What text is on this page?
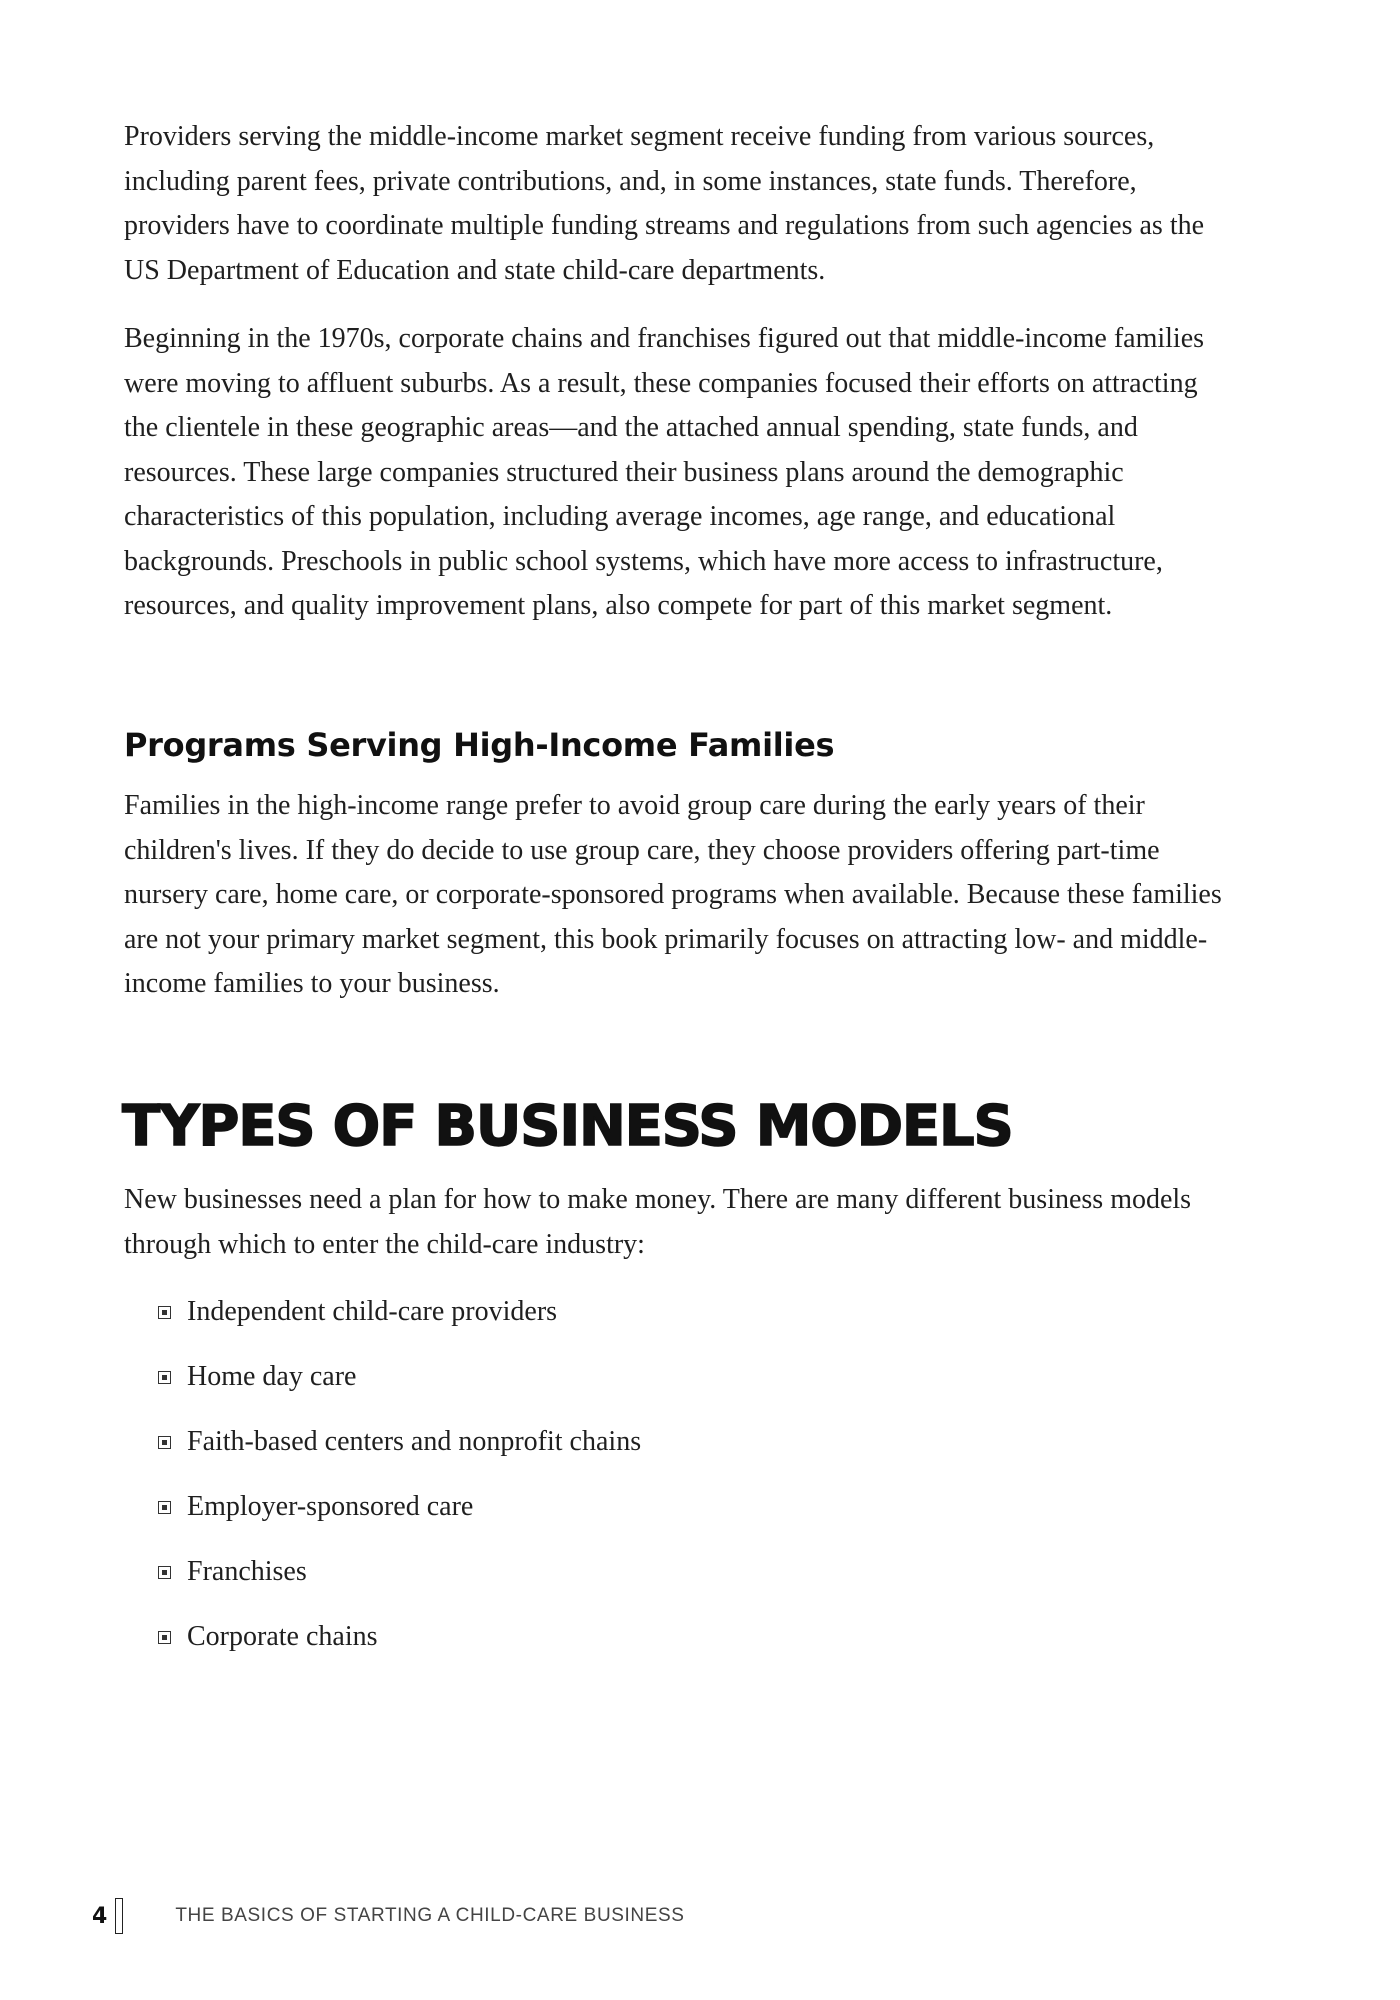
Providers serving the middle-income market segment receive funding from various sources, including parent fees, private contributions, and, in some instances, state funds. Therefore, providers have to coordinate multiple funding streams and regulations from such agencies as the US Department of Education and state child-care departments.

Beginning in the 1970s, corporate chains and franchises figured out that middle-income families were moving to affluent suburbs. As a result, these companies focused their efforts on attracting the clientele in these geographic areas—and the attached annual spending, state funds, and resources. These large companies structured their business plans around the demographic characteristics of this population, including average incomes, age range, and educational backgrounds. Preschools in public school systems, which have more access to infrastructure, resources, and quality improvement plans, also compete for part of this market segment.

Programs Serving High-Income Families

Families in the high-income range prefer to avoid group care during the early years of their children's lives. If they do decide to use group care, they choose providers offering part-time nursery care, home care, or corporate-sponsored programs when available. Because these families are not your primary market segment, this book primarily focuses on attracting low- and middle-income families to your business.

TYPES OF BUSINESS MODELS

New businesses need a plan for how to make money. There are many different business models through which to enter the child-care industry:

Independent child-care providers
Home day care
Faith-based centers and nonprofit chains
Employer-sponsored care
Franchises
Corporate chains
4	THE BASICS OF STARTING A CHILD-CARE BUSINESS
